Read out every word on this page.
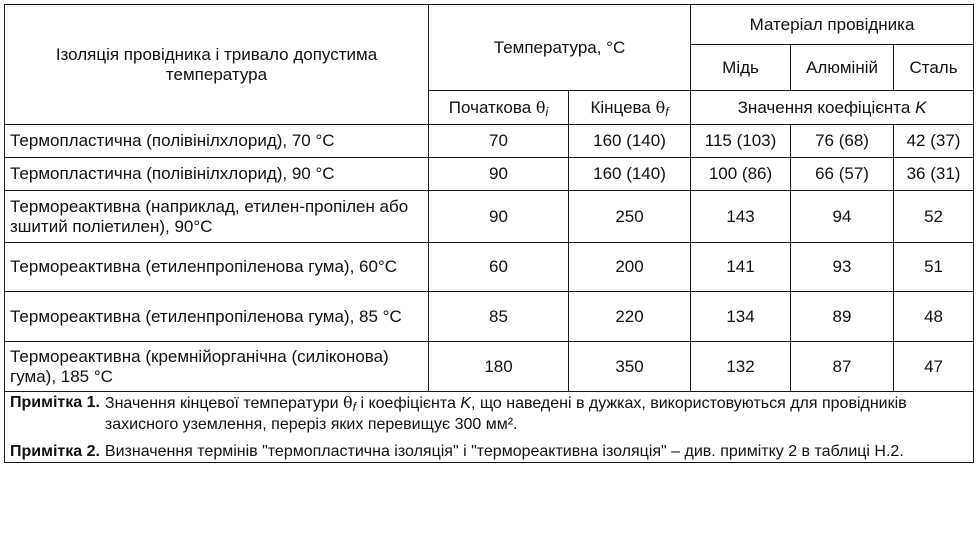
Ізоляція провідника і тривало допустима температура	Температура, °С		Матеріал провідника		
			Мідь	Алюміній	Сталь
	Початкова $\theta_i$	Кінцева $\theta_f$	Значення коефіцієнта K		
Термопластична (полівінілхлорид), 70 °С	70	160 (140)	115 (103)	76 (68)	42 (37)
Термопластична (полівінілхлорид), 90 °С	90	160 (140)	100 (86)	66 (57)	36 (31)
Термореактивна (наприклад, етилен-пропілен або зшитий поліетилен), 90°С	90	250	143	94	52
Термореактивна (етиленпропіленова гума), 60°С	60	200	141	93	51
Термореактивна (етиленпропіленова гума), 85 °С	85	220	134	89	48
Термореактивна (кремнійорганічна (силіконова) гума), 185 °С	180	350	132	87	47

Примітка 1. Значення кінцевої температури $\theta_f$ і коефіцієнта K, що наведені в дужках, використовуються для провідників захисного уземлення, переріз яких перевищує 300 мм².
Примітка 2. Визначення термінів "термопластична ізоляція" і "термореактивна ізоляція" – див. примітку 2 в таблиці Н.2.					
